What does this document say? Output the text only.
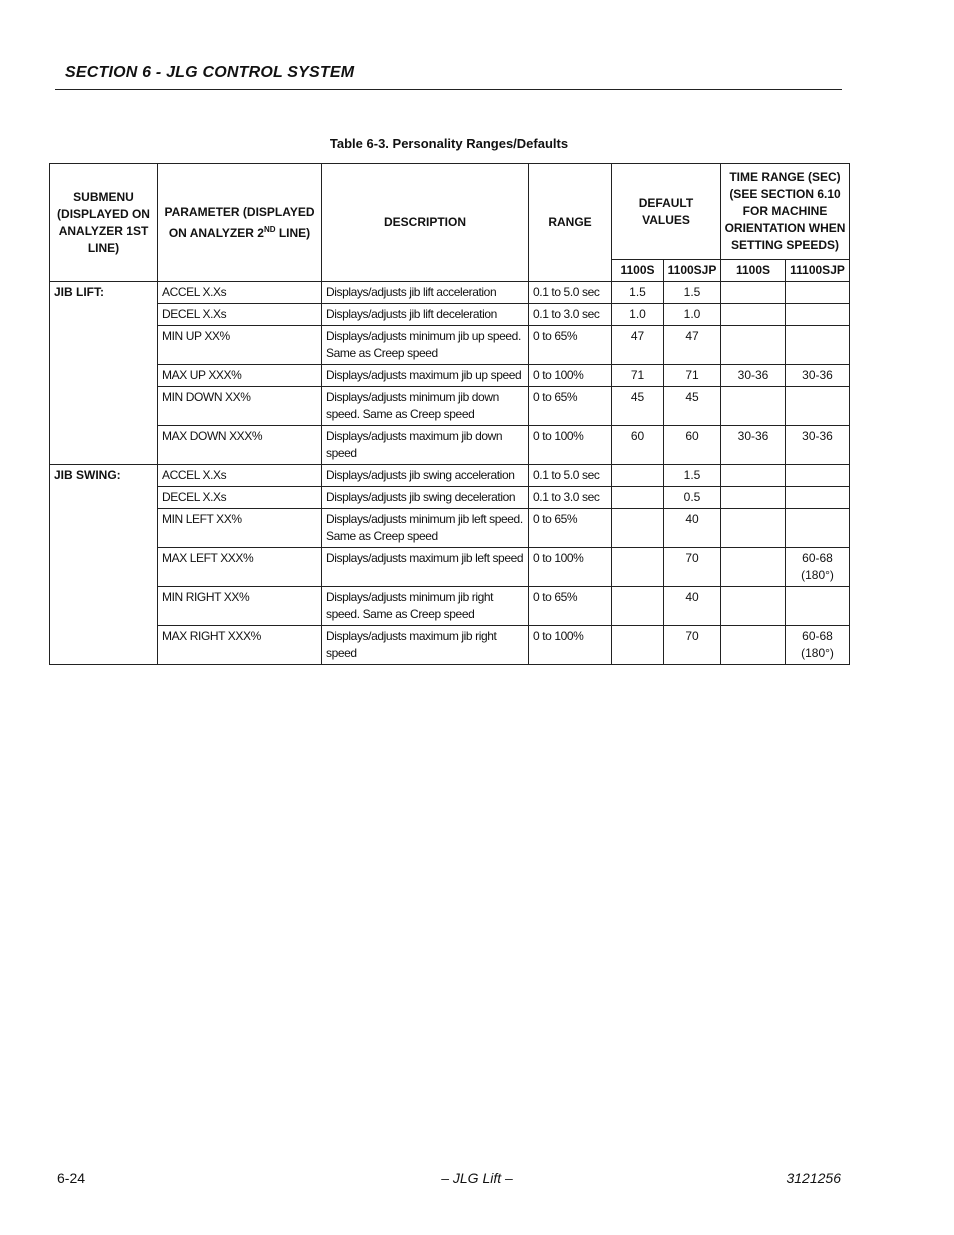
SECTION 6 - JLG CONTROL SYSTEM
Table 6-3. Personality Ranges/Defaults
SUBMENU (DISPLAYED ON ANALYZER 1ST LINE)	PARAMETER (DISPLAYED ON ANALYZER 2ND LINE)	DESCRIPTION	RANGE	DEFAULT VALUES		TIME RANGE (SEC) (SEE SECTION 6.10 FOR MACHINE ORIENTATION WHEN SETTING SPEEDS)	
				1100S	1100SJP	1100S	11100SJP
JIB LIFT:	ACCEL X.Xs	Displays/adjusts jib lift acceleration	0.1 to 5.0 sec	1.5	1.5		
	DECEL X.Xs	Displays/adjusts jib lift deceleration	0.1 to 3.0 sec	1.0	1.0		
	MIN UP XX%	Displays/adjusts minimum jib up speed. Same as Creep speed	0 to 65%	47	47		
	MAX UP XXX%	Displays/adjusts maximum jib up speed	0 to 100%	71	71	30-36	30-36
	MIN DOWN XX%	Displays/adjusts minimum jib down speed. Same as Creep speed	0 to 65%	45	45		
	MAX DOWN XXX%	Displays/adjusts maximum jib down speed	0 to 100%	60	60	30-36	30-36
JIB SWING:	ACCEL X.Xs	Displays/adjusts jib swing acceleration	0.1 to 5.0 sec		1.5		
	DECEL X.Xs	Displays/adjusts jib swing deceleration	0.1 to 3.0 sec		0.5		
	MIN LEFT XX%	Displays/adjusts minimum jib left speed. Same as Creep speed	0 to 65%		40		
	MAX LEFT XXX%	Displays/adjusts maximum jib left speed	0 to 100%		70		60-68 (180°)
	MIN RIGHT XX%	Displays/adjusts minimum jib right speed. Same as Creep speed	0 to 65%		40		
	MAX RIGHT XXX%	Displays/adjusts maximum jib right speed	0 to 100%		70		60-68 (180°)
6-24	– JLG Lift –	3121256
